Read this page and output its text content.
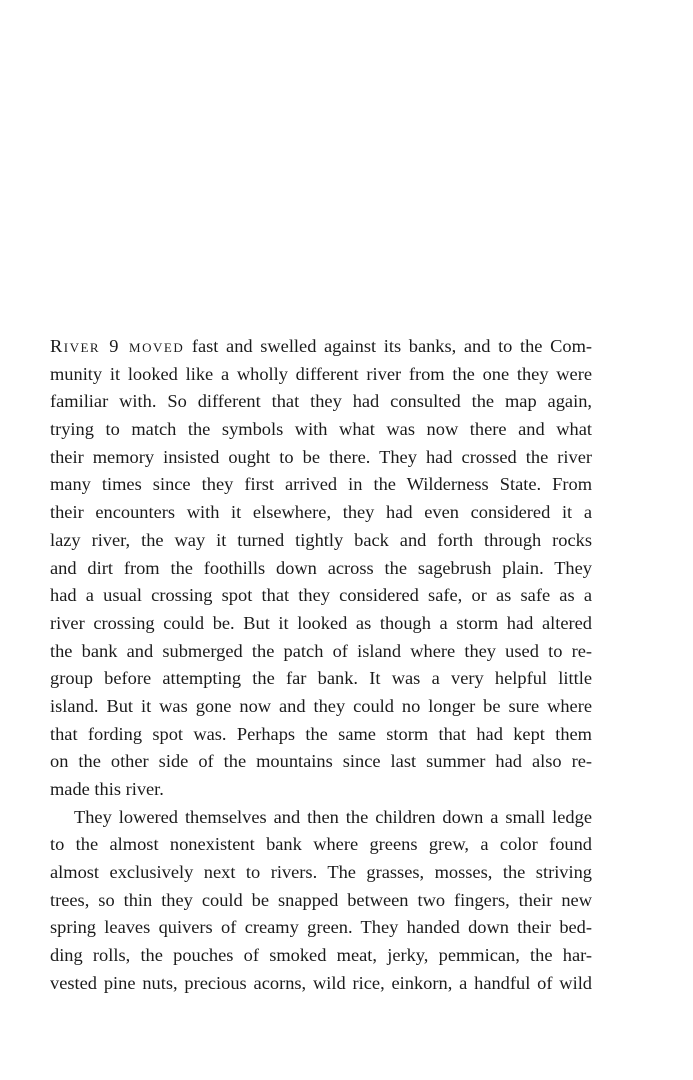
River 9 moved fast and swelled against its banks, and to the Com-
munity it looked like a wholly different river from the one they were
familiar with. So different that they had consulted the map again,
trying to match the symbols with what was now there and what
their memory insisted ought to be there. They had crossed the river
many times since they first arrived in the Wilderness State. From
their encounters with it elsewhere, they had even considered it a
lazy river, the way it turned tightly back and forth through rocks
and dirt from the foothills down across the sagebrush plain. They
had a usual crossing spot that they considered safe, or as safe as a
river crossing could be. But it looked as though a storm had altered
the bank and submerged the patch of island where they used to re-
group before attempting the far bank. It was a very helpful little
island. But it was gone now and they could no longer be sure where
that fording spot was. Perhaps the same storm that had kept them
on the other side of the mountains since last summer had also re-
made this river.
They lowered themselves and then the children down a small ledge
to the almost nonexistent bank where greens grew, a color found
almost exclusively next to rivers. The grasses, mosses, the striving
trees, so thin they could be snapped between two fingers, their new
spring leaves quivers of creamy green. They handed down their bed-
ding rolls, the pouches of smoked meat, jerky, pemmican, the har-
vested pine nuts, precious acorns, wild rice, einkorn, a handful of wild
